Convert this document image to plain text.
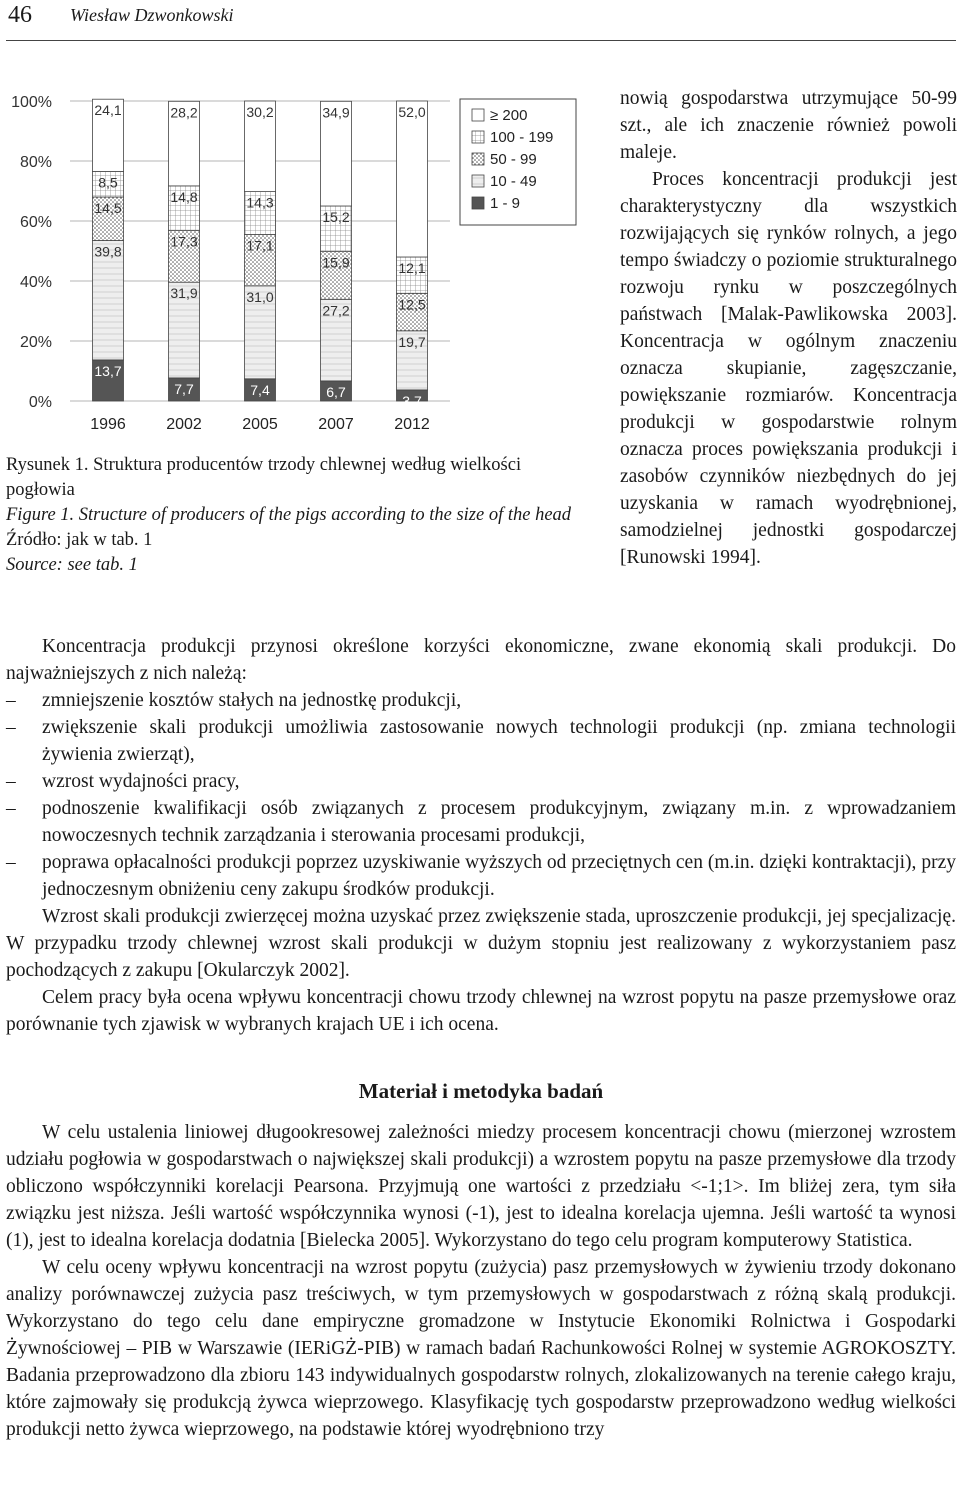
46 Wiesław Dzwonkowski
0%
20%
40%
60%
80%
100%
1996	2002	2005	2007	2012
13,7
39,8
14,5
8,5
24,1
7,7
31,9
17,3
14,8
28,2
7,4
31,0
17,1
14,3
30,2
6,7
27,2
15,9
15,2
34,9
3,7
19,7
12,5
12,1
52,0	≥ 200
100 - 199
50 - 99
10 - 49
1 - 9
Rysunek 1. Struktura producentów trzody chlewnej według wielkości pogłowia
Figure 1. Structure of producers of the pigs according to the size of the head
Źródło: jak w tab. 1
Source: see tab. 1

nowią gospodarstwa utrzymujące 50-99 szt., ale ich znaczenie również powoli maleje.

Proces koncentracji produkcji jest charakterystyczny dla wszystkich rozwijających się rynków rolnych, a jego tempo świadczy o poziomie strukturalnego rozwoju rynku w poszczególnych państwach [Malak-Pawlikowska 2003]. Koncentracja w ogólnym znaczeniu oznacza skupianie, zagęszczanie, powiększanie rozmiarów. Koncentracja produkcji w gospodarstwie rolnym oznacza proces powiększania produkcji i zasobów czynników niezbędnych do jej uzyskania w ramach wyodrębnionej, samodzielnej jednostki gospodarczej [Runowski 1994].

Koncentracja produkcji przynosi określone korzyści ekonomiczne, zwane ekonomią skali produkcji. Do najważniejszych z nich należą:

– zmniejszenie kosztów stałych na jednostkę produkcji,
– zwiększenie skali produkcji umożliwia zastosowanie nowych technologii produkcji (np. zmiana technologii żywienia zwierząt),
– wzrost wydajności pracy,
– podnoszenie kwalifikacji osób związanych z procesem produkcyjnym, związany m.in. z wprowadzaniem nowoczesnych technik zarządzania i sterowania procesami produkcji,
– poprawa opłacalności produkcji poprzez uzyskiwanie wyższych od przeciętnych cen (m.in. dzięki kontraktacji), przy jednoczesnym obniżeniu ceny zakupu środków produkcji.

Wzrost skali produkcji zwierzęcej można uzyskać przez zwiększenie stada, uproszczenie produkcji, jej specjalizację. W przypadku trzody chlewnej wzrost skali produkcji w dużym stopniu jest realizowany z wykorzystaniem pasz pochodzących z zakupu [Okularczyk 2002].

Celem pracy była ocena wpływu koncentracji chowu trzody chlewnej na wzrost popytu na pasze przemysłowe oraz porównanie tych zjawisk w wybranych krajach UE i ich ocena.

Materiał i metodyka badań

W celu ustalenia liniowej długookresowej zależności miedzy procesem koncentracji chowu (mierzonej wzrostem udziału pogłowia w gospodarstwach o największej skali produkcji) a wzrostem popytu na pasze przemysłowe dla trzody obliczono współczynniki korelacji Pearsona. Przyjmują one wartości z przedziału <-1;1>. Im bliżej zera, tym siła związku jest niższa. Jeśli wartość współczynnika wynosi (-1), jest to idealna korelacja ujemna. Jeśli wartość ta wynosi (1), jest to idealna korelacja dodatnia [Bielecka 2005]. Wykorzystano do tego celu program komputerowy Statistica.

W celu oceny wpływu koncentracji na wzrost popytu (zużycia) pasz przemysłowych w żywieniu trzody dokonano analizy porównawczej zużycia pasz treściwych, w tym przemysłowych w gospodarstwach z różną skalą produkcji. Wykorzystano do tego celu dane empiryczne gromadzone w Instytucie Ekonomiki Rolnictwa i Gospodarki Żywnościowej – PIB w Warszawie (IERiGŻ-PIB) w ramach badań Rachunkowości Rolnej w systemie AGROKOSZTY. Badania przeprowadzono dla zbioru 143 indywidualnych gospodarstw rolnych, zlokalizowanych na terenie całego kraju, które zajmowały się produkcją żywca wieprzowego. Klasyfikację tych gospodarstw przeprowadzono według wielkości produkcji netto żywca wieprzowego, na podstawie której wyodrębniono trzy
